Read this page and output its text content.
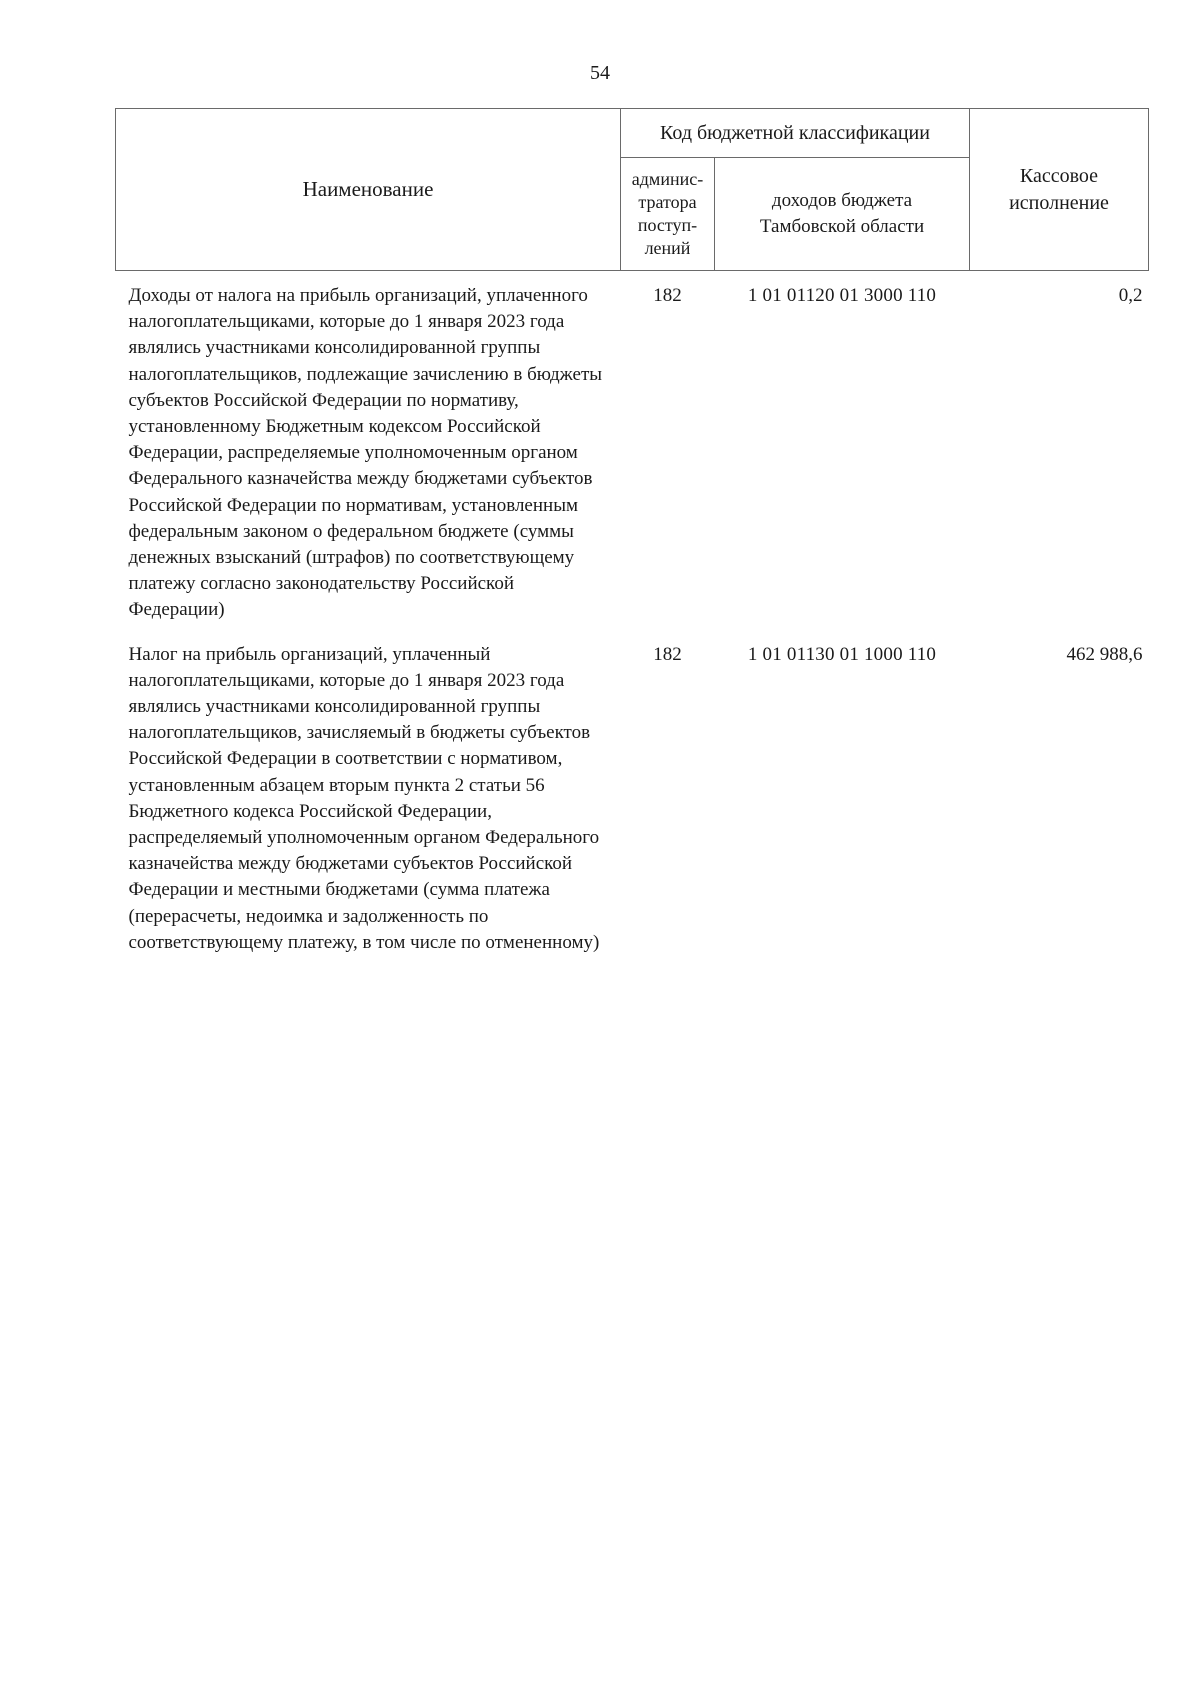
54
Наименование	Код бюджетной классификации		Кассовое
исполнение
	админис-
тратора
поступ-
лений	доходов бюджета
Тамбовской области	
Доходы от налога на прибыль организаций, уплаченного налогоплательщиками, которые до 1 января 2023 года являлись участниками консолидированной группы налогоплательщиков, подлежащие зачислению в бюджеты субъектов Российской Федерации по нормативу, установленному Бюджетным кодексом Российской Федерации, распределяемые уполномоченным органом Федерального казначейства между бюджетами субъектов Российской Федерации по нормативам, установленным федеральным законом о федеральном бюджете (суммы денежных взысканий (штрафов) по соответствующему платежу согласно законодательству Российской Федерации)	182	1 01 01120 01 3000 110	0,2
Налог на прибыль организаций, уплаченный налогоплательщиками, которые до 1 января 2023 года являлись участниками консолидированной группы налогоплательщиков, зачисляемый в бюджеты субъектов Российской Федерации в соответствии с нормативом, установленным абзацем вторым пункта 2 статьи 56 Бюджетного кодекса Российской Федерации, распределяемый уполномоченным органом Федерального казначейства между бюджетами субъектов Российской Федерации и местными бюджетами (сумма платежа (перерасчеты, недоимка и задолженность по соответствующему платежу, в том числе по отмененному)	182	1 01 01130 01 1000 110	462 988,6
